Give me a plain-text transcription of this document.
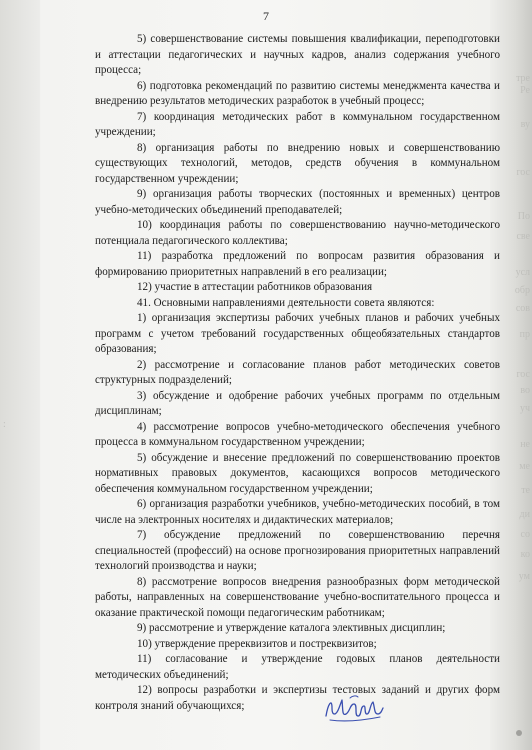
тре
Ре
ву
гос
По
све
усл
обр
сов
пр
гос
во
уч
не
ме
те
ди
со
ко
ум
:
7

5) совершенствование системы повышения квалификации, переподготовки и аттестации педагогических и научных кадров, анализ содержания учебного процесса;

6) подготовка рекомендаций по развитию системы менеджмента качества и внедрению результатов методических разработок в учебный процесс;

7) координация методических работ в коммунальном государственном учреждении;

8) организация работы по внедрению новых и совершенствованию существующих технологий, методов, средств обучения в коммунальном государственном учреждении;

9) организация работы творческих (постоянных и временных) центров учебно-методических объединений преподавателей;

10) координация работы по совершенствованию научно-методического потенциала педагогического коллектива;

11) разработка предложений по вопросам развития образования и формированию приоритетных направлений в его реализации;

12) участие в аттестации работников образования

41. Основными направлениями деятельности совета являются:

1) организация экспертизы рабочих учебных планов и рабочих учебных программ с учетом требований государственных общеобязательных стандартов образования;

2) рассмотрение и согласование планов работ методических советов структурных подразделений;

3) обсуждение и одобрение рабочих учебных программ по отдельным дисциплинам;

4) рассмотрение вопросов учебно-методического обеспечения учебного процесса в коммунальном государственном учреждении;

5) обсуждение и внесение предложений по совершенствованию проектов нормативных правовых документов, касающихся вопросов методического обеспечения коммунальном государственном учреждении;

6) организация разработки учебников, учебно-методических пособий, в том числе на электронных носителях и дидактических материалов;

7) обсуждение предложений по совершенствованию перечня специальностей (профессий) на основе прогнозирования приоритетных направлений технологий производства и науки;

8) рассмотрение вопросов внедрения разнообразных форм методической работы, направленных на совершенствование учебно-воспитательного процесса и оказание практической помощи педагогическим работникам;

9) рассмотрение и утверждение каталога элективных дисциплин;

10) утверждение пререквизитов и постреквизитов;

11) согласование и утверждение годовых планов деятельности методических объединений;

12) вопросы разработки и экспертизы тестовых заданий и других форм контроля знаний обучающихся;
